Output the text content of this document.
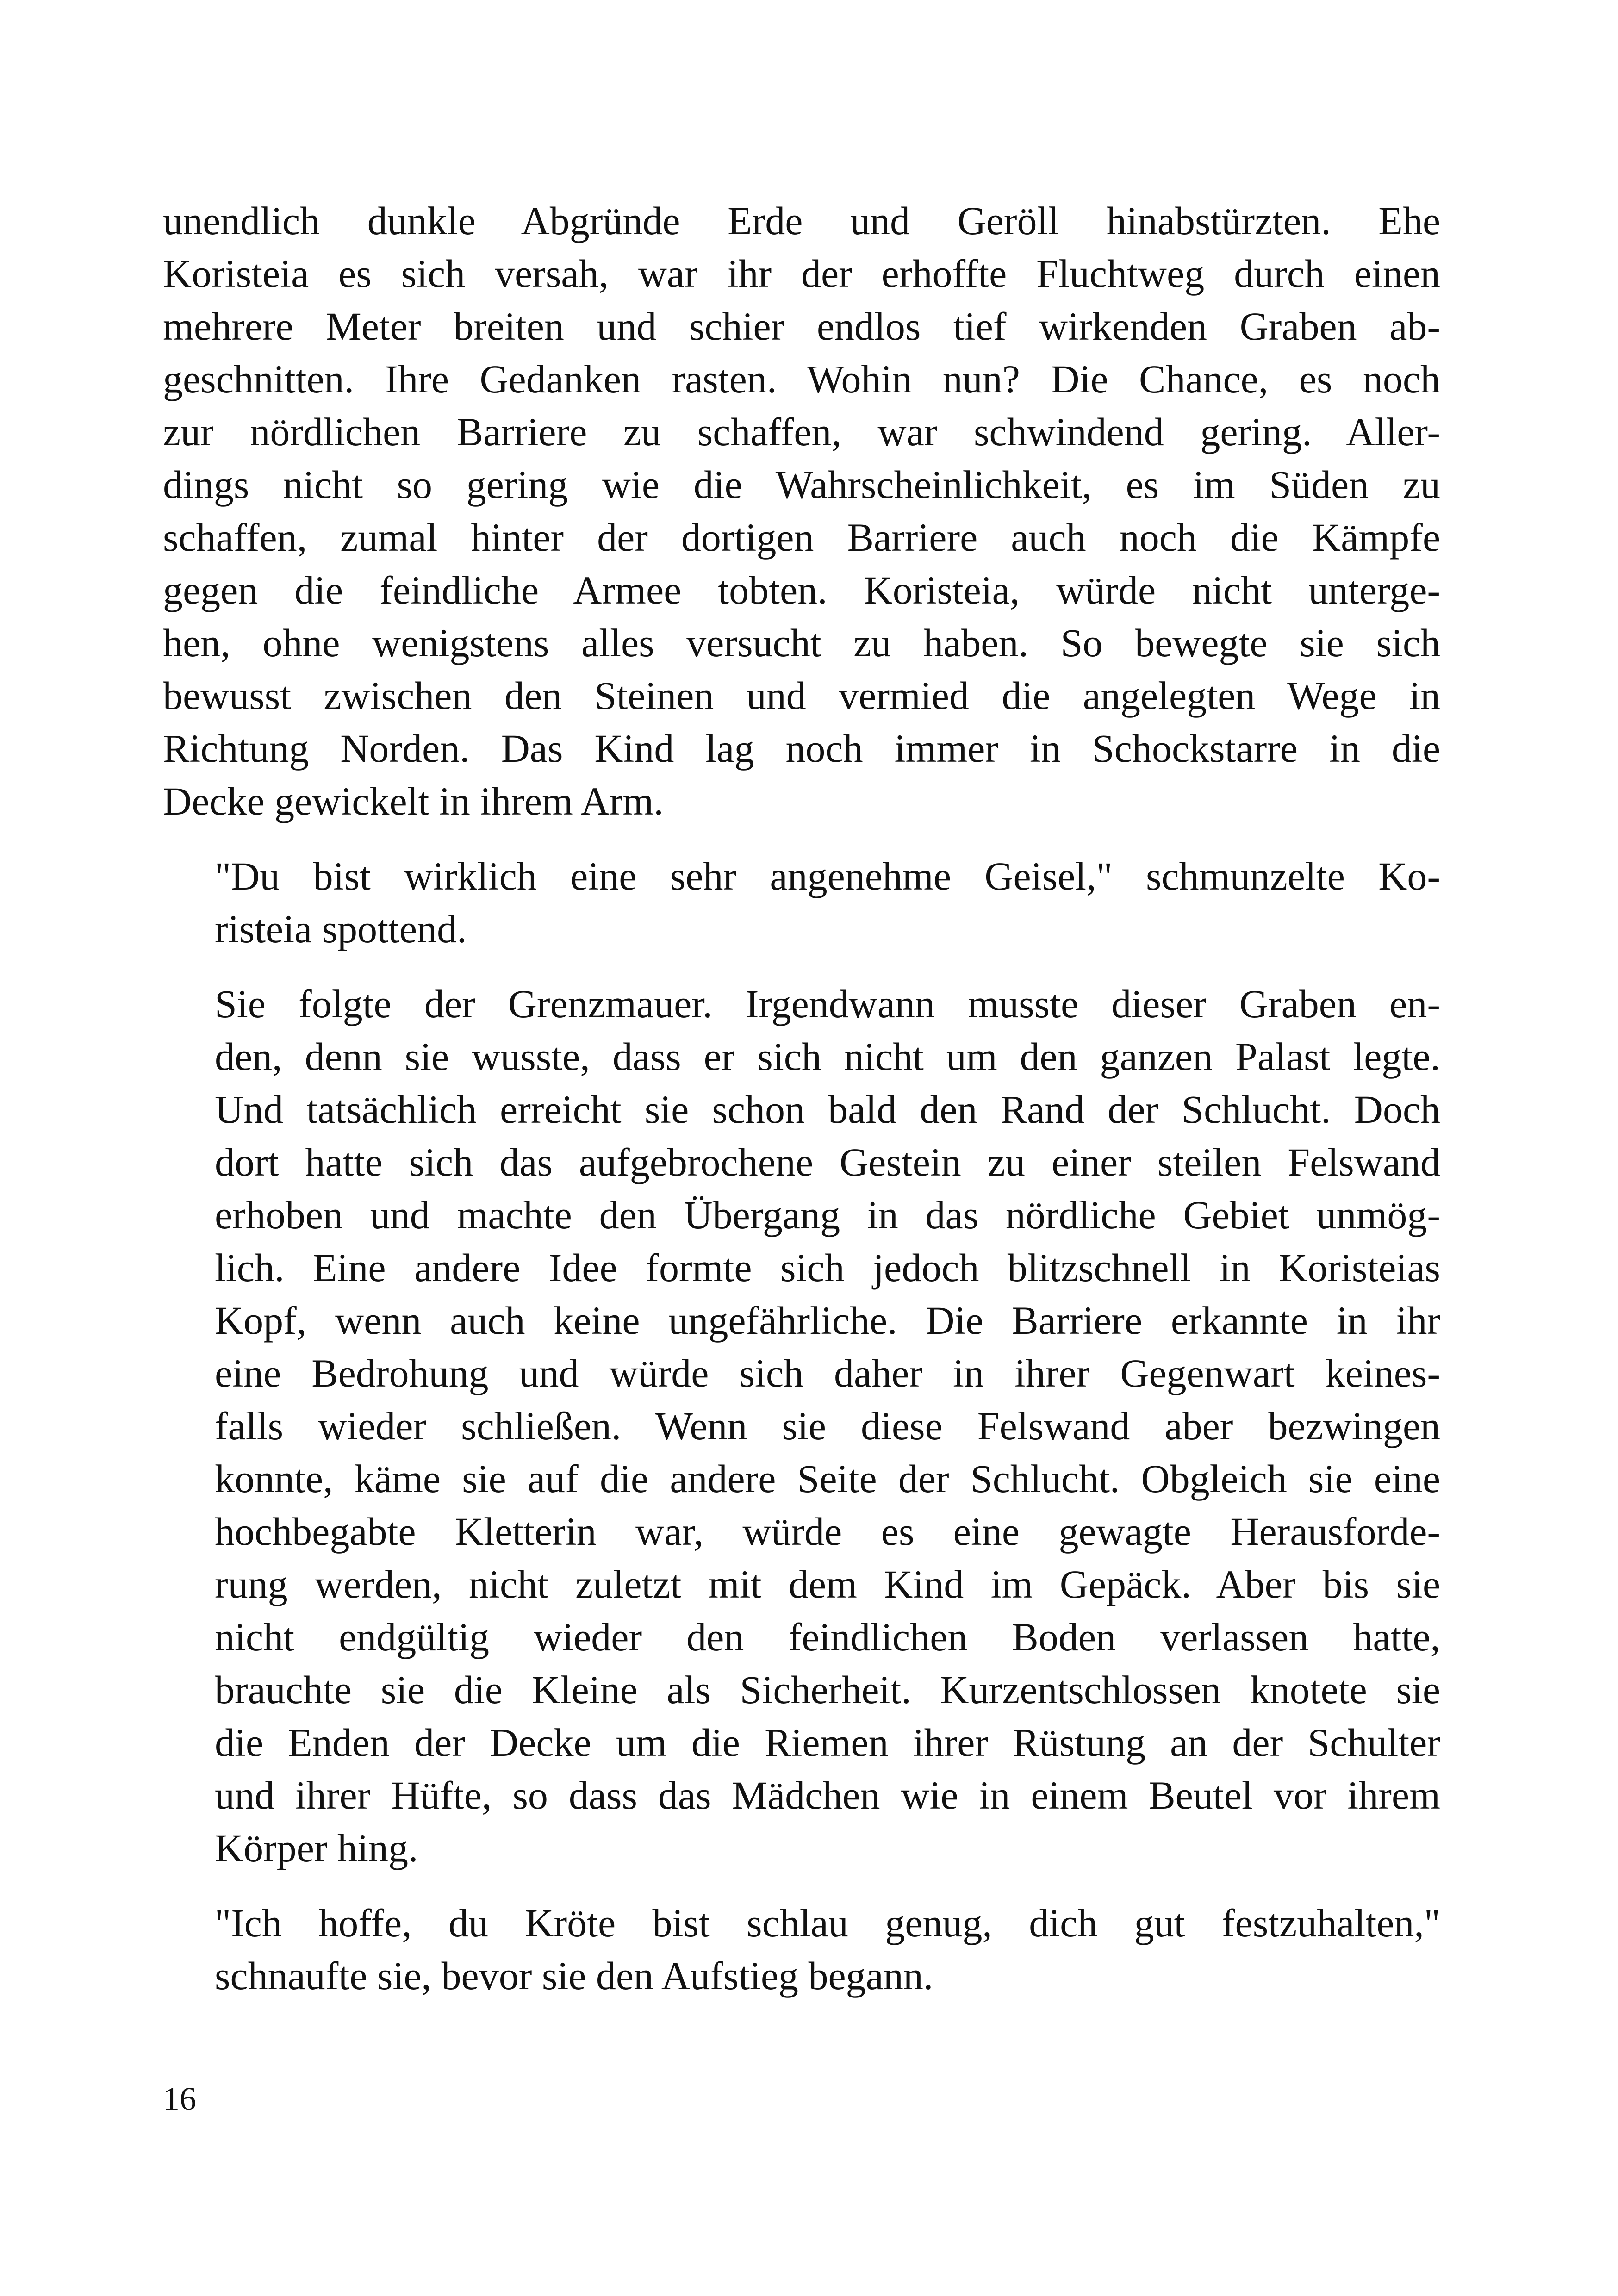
unendlich dunkle Abgründe Erde und Geröll hinabstürzten. Ehe
Koristeia es sich versah, war ihr der erhoffte Fluchtweg durch einen
mehrere Meter breiten und schier endlos tief wirkenden Graben ab-
geschnitten. Ihre Gedanken rasten. Wohin nun? Die Chance, es noch
zur nördlichen Barriere zu schaffen, war schwindend gering. Aller-
dings nicht so gering wie die Wahrscheinlichkeit, es im Süden zu
schaffen, zumal hinter der dortigen Barriere auch noch die Kämpfe
gegen die feindliche Armee tobten. Koristeia, würde nicht unterge-
hen, ohne wenigstens alles versucht zu haben. So bewegte sie sich
bewusst zwischen den Steinen und vermied die angelegten Wege in
Richtung Norden. Das Kind lag noch immer in Schockstarre in die
Decke gewickelt in ihrem Arm.

"Du bist wirklich eine sehr angenehme Geisel," schmunzelte Ko-
risteia spottend.

Sie folgte der Grenzmauer. Irgendwann musste dieser Graben en-
den, denn sie wusste, dass er sich nicht um den ganzen Palast legte.
Und tatsächlich erreicht sie schon bald den Rand der Schlucht. Doch
dort hatte sich das aufgebrochene Gestein zu einer steilen Felswand
erhoben und machte den Übergang in das nördliche Gebiet unmög-
lich. Eine andere Idee formte sich jedoch blitzschnell in Koristeias
Kopf, wenn auch keine ungefährliche. Die Barriere erkannte in ihr
eine Bedrohung und würde sich daher in ihrer Gegenwart keines-
falls wieder schließen. Wenn sie diese Felswand aber bezwingen
konnte, käme sie auf die andere Seite der Schlucht. Obgleich sie eine
hochbegabte Kletterin war, würde es eine gewagte Herausforde-
rung werden, nicht zuletzt mit dem Kind im Gepäck. Aber bis sie
nicht endgültig wieder den feindlichen Boden verlassen hatte,
brauchte sie die Kleine als Sicherheit. Kurzentschlossen knotete sie
die Enden der Decke um die Riemen ihrer Rüstung an der Schulter
und ihrer Hüfte, so dass das Mädchen wie in einem Beutel vor ihrem
Körper hing.

"Ich hoffe, du Kröte bist schlau genug, dich gut festzuhalten,"
schnaufte sie, bevor sie den Aufstieg begann.

16
